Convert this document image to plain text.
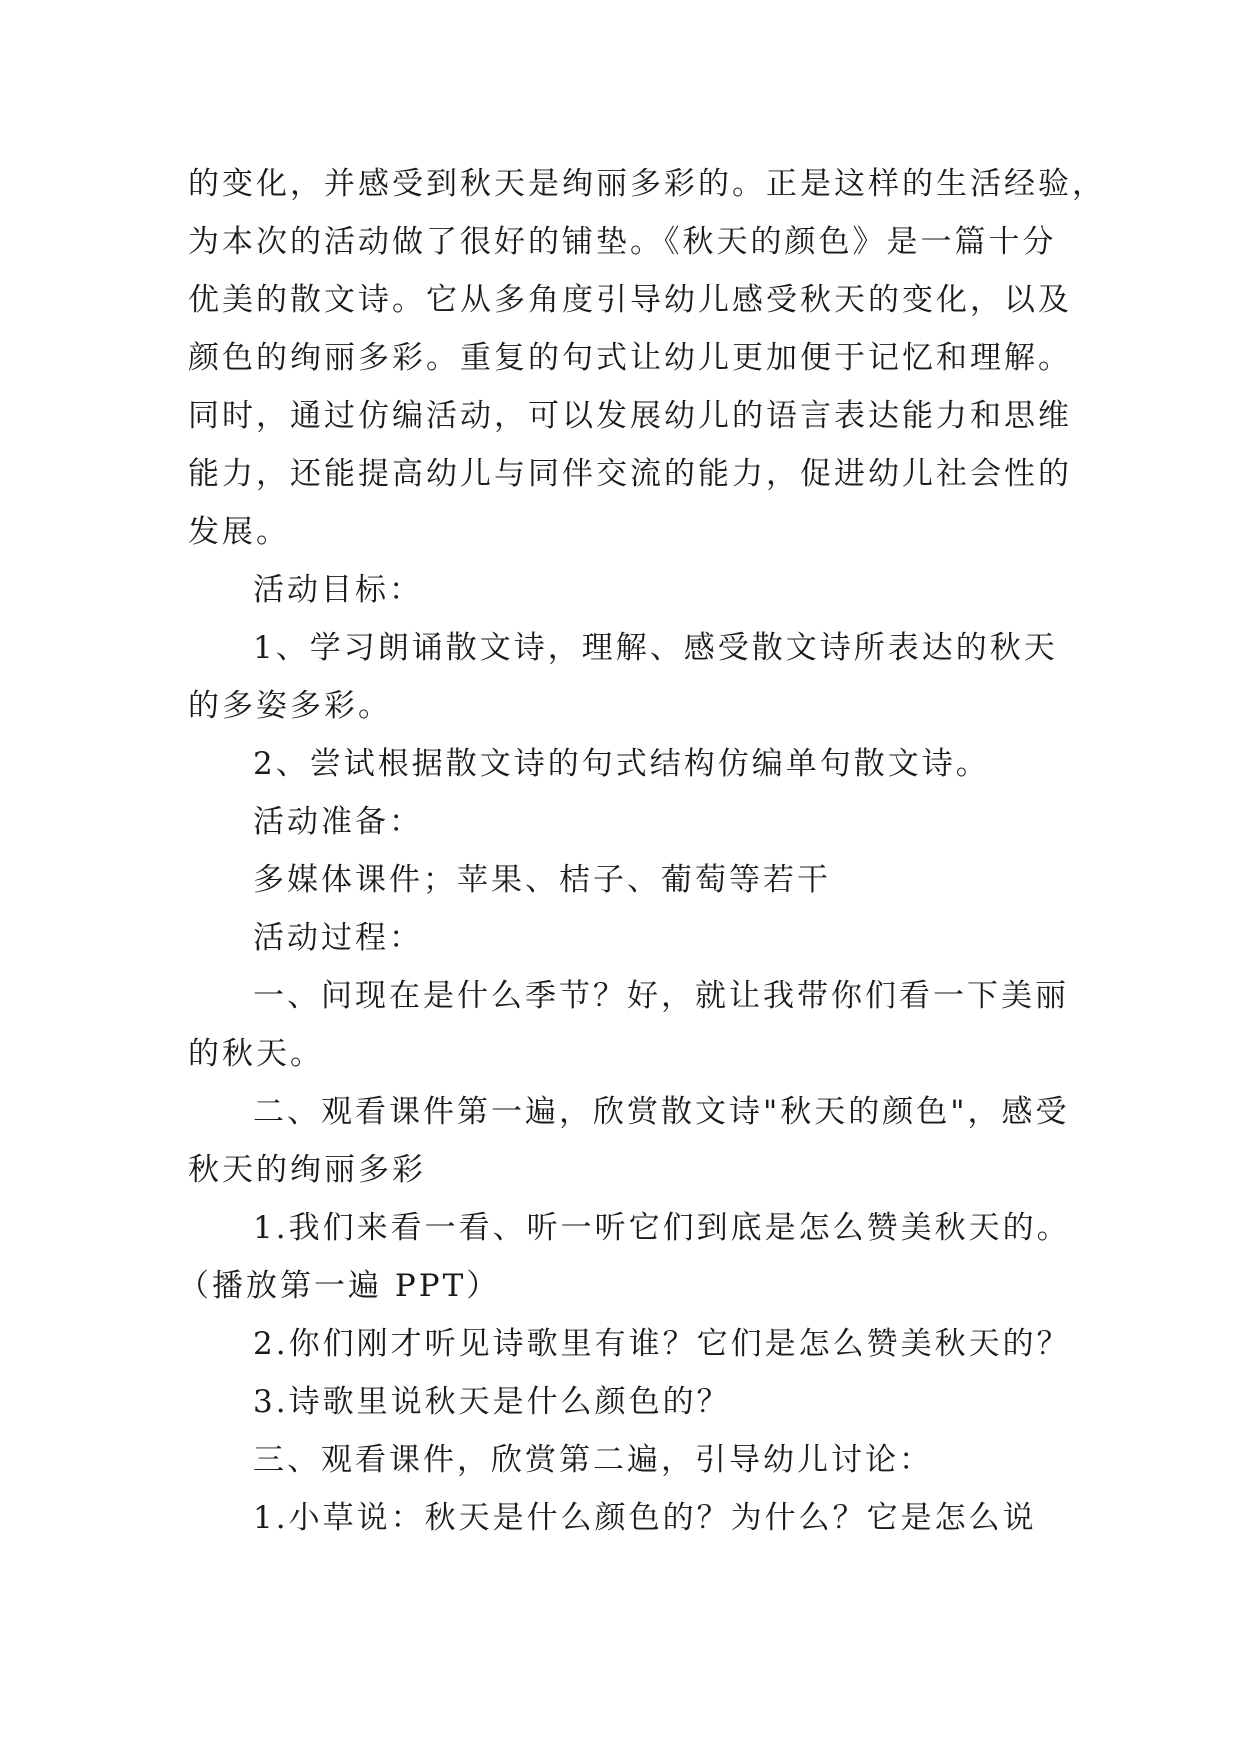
的变化，并感受到秋天是绚丽多彩的。正是这样的生活经验，
为本次的活动做了很好的铺垫。《秋天的颜色》是一篇十分
优美的散文诗。它从多角度引导幼儿感受秋天的变化，以及
颜色的绚丽多彩。重复的句式让幼儿更加便于记忆和理解。
同时，通过仿编活动，可以发展幼儿的语言表达能力和思维
能力，还能提高幼儿与同伴交流的能力，促进幼儿社会性的
发展。
活动目标：
1、学习朗诵散文诗，理解、感受散文诗所表达的秋天
的多姿多彩。
2、尝试根据散文诗的句式结构仿编单句散文诗。
活动准备：
多媒体课件；苹果、桔子、葡萄等若干
活动过程：
一、问现在是什么季节？好，就让我带你们看一下美丽
的秋天。
二、观看课件第一遍，欣赏散文诗"秋天的颜色"，感受
秋天的绚丽多彩
1.我们来看一看、听一听它们到底是怎么赞美秋天的。
（播放第一遍 PPT）
2.你们刚才听见诗歌里有谁？它们是怎么赞美秋天的？
3.诗歌里说秋天是什么颜色的？
三、观看课件，欣赏第二遍，引导幼儿讨论：
1.小草说：秋天是什么颜色的？为什么？它是怎么说
